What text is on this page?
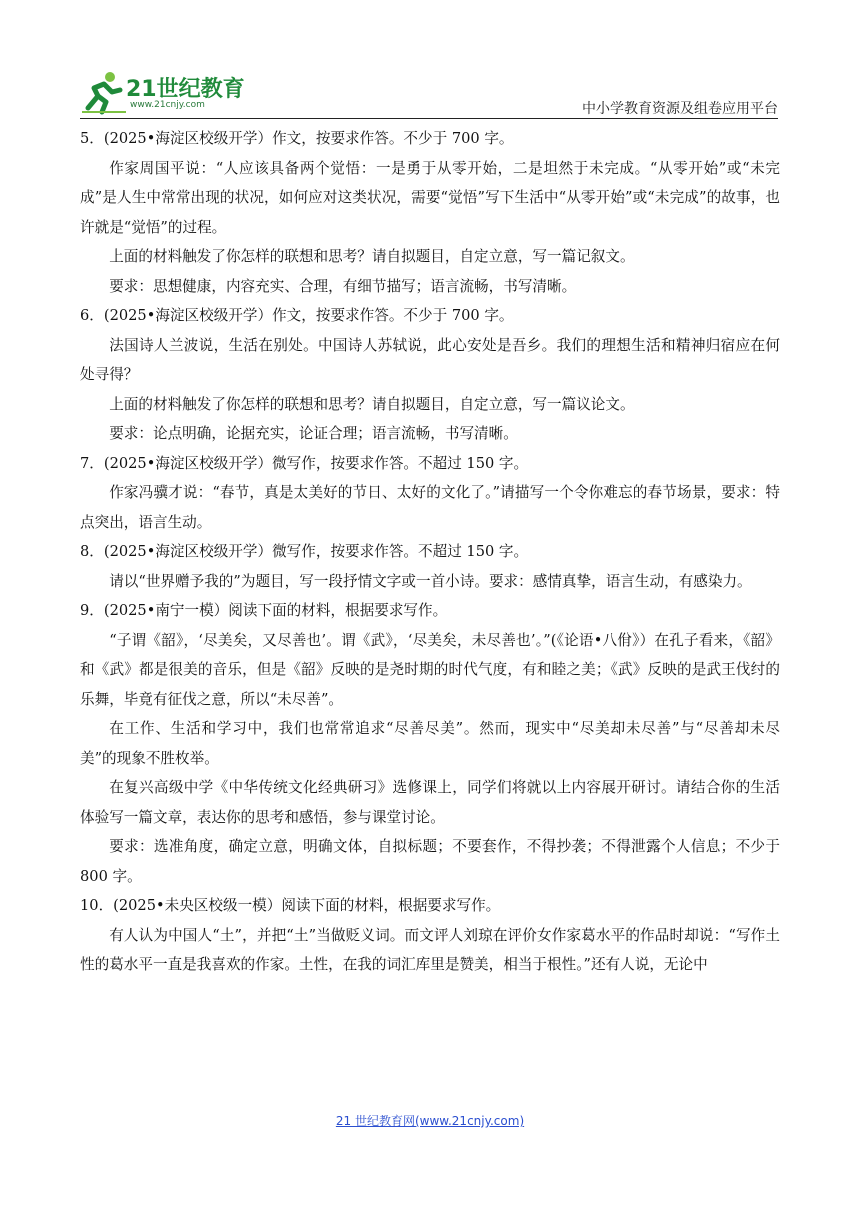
21世纪教育
www.21cnjy.com	中小学教育资源及组卷应用平台

5．(2025•海淀区校级开学）作文，按要求作答。不少于 700 字。

作家周国平说：“人应该具备两个觉悟：一是勇于从零开始，二是坦然于未完成。“从零开始”或“未完成”是人生中常常出现的状况，如何应对这类状况，需要“觉悟”写下生活中“从零开始”或“未完成”的故事，也许就是“觉悟”的过程。

上面的材料触发了你怎样的联想和思考？请自拟题目，自定立意，写一篇记叙文。

要求：思想健康，内容充实、合理，有细节描写；语言流畅，书写清晰。

6．(2025•海淀区校级开学）作文，按要求作答。不少于 700 字。

法国诗人兰波说，生活在别处。中国诗人苏轼说，此心安处是吾乡。我们的理想生活和精神归宿应在何处寻得？

上面的材料触发了你怎样的联想和思考？请自拟题目，自定立意，写一篇议论文。

要求：论点明确，论据充实，论证合理；语言流畅，书写清晰。

7．(2025•海淀区校级开学）微写作，按要求作答。不超过 150 字。

作家冯骥才说：“春节，真是太美好的节日、太好的文化了。”请描写一个令你难忘的春节场景，要求：特点突出，语言生动。

8．(2025•海淀区校级开学）微写作，按要求作答。不超过 150 字。

请以“世界赠予我的”为题目，写一段抒情文字或一首小诗。要求：感情真挚，语言生动，有感染力。

9．(2025•南宁一模）阅读下面的材料，根据要求写作。

“子谓《韶》，‘尽美矣，又尽善也’。谓《武》，‘尽美矣，未尽善也’。”(《论语•八佾》）在孔子看来，《韶》和《武》都是很美的音乐，但是《韶》反映的是尧时期的时代气度，有和睦之美；《武》反映的是武王伐纣的乐舞，毕竟有征伐之意，所以“未尽善”。

在工作、生活和学习中，我们也常常追求“尽善尽美”。然而，现实中“尽美却未尽善”与“尽善却未尽美”的现象不胜枚举。

在复兴高级中学《中华传统文化经典研习》选修课上，同学们将就以上内容展开研讨。请结合你的生活体验写一篇文章，表达你的思考和感悟，参与课堂讨论。

要求：选准角度，确定立意，明确文体，自拟标题；不要套作，不得抄袭；不得泄露个人信息；不少于 800 字。

10．(2025•未央区校级一模）阅读下面的材料，根据要求写作。

有人认为中国人“土”，并把“土”当做贬义词。而文评人刘琼在评价女作家葛水平的作品时却说：“写作土性的葛水平一直是我喜欢的作家。土性，在我的词汇库里是赞美，相当于根性。”还有人说，无论中

21 世纪教育网(www.21cnjy.com)
